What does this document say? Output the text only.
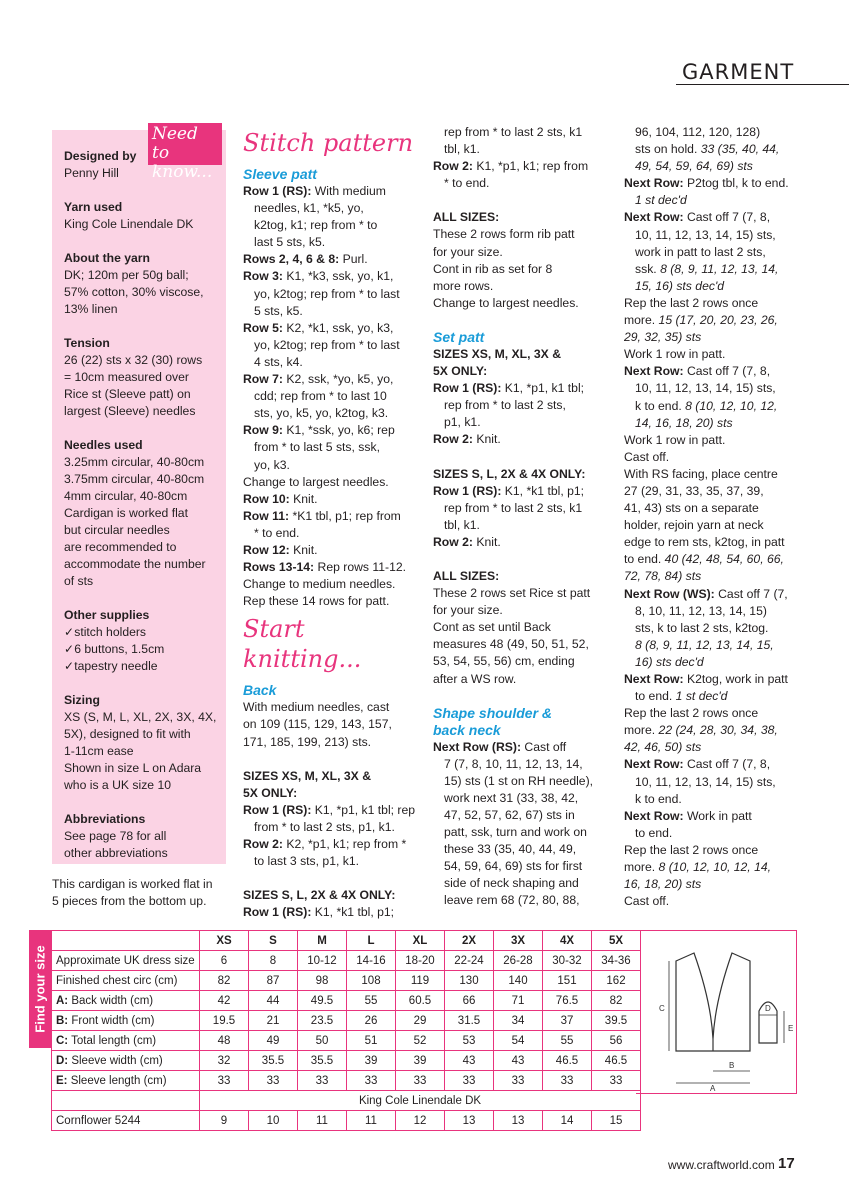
GARMENT
Designed by
Penny Hill
Yarn used
King Cole Linendale DK
About the yarn
DK; 120m per 50g ball;
57% cotton, 30% viscose,
13% linen
Tension
26 (22) sts x 32 (30) rows
= 10cm measured over
Rice st (Sleeve patt) on
largest (Sleeve) needles
Needles used
3.25mm circular, 40-80cm
3.75mm circular, 40-80cm
4mm circular, 40-80cm
Cardigan is worked flat
but circular needles
are recommended to
accommodate the number
of sts
Other supplies
✓ stitch holders
✓ 6 buttons, 1.5cm
✓ tapestry needle
Sizing
XS (S, M, L, XL, 2X, 3X, 4X,
5X), designed to fit with
1-11cm ease
Shown in size L on Adara
who is a UK size 10
Abbreviations
See page 78 for all
other abbreviations
Need to know...
This cardigan is worked flat in
5 pieces from the bottom up.
Stitch pattern
Sleeve patt
Row 1 (RS): With medium
needles, k1, *k5, yo,
k2tog, k1; rep from * to
last 5 sts, k5.
Rows 2, 4, 6 & 8: Purl.
Row 3: K1, *k3, ssk, yo, k1,
yo, k2tog; rep from * to last
5 sts, k5.
Row 5: K2, *k1, ssk, yo, k3,
yo, k2tog; rep from * to last
4 sts, k4.
Row 7: K2, ssk, *yo, k5, yo,
cdd; rep from * to last 10
sts, yo, k5, yo, k2tog, k3.
Row 9: K1, *ssk, yo, k6; rep
from * to last 5 sts, ssk,
yo, k3.
Change to largest needles.
Row 10: Knit.
Row 11: *K1 tbl, p1; rep from
* to end.
Row 12: Knit.
Rows 13-14: Rep rows 11-12.
Change to medium needles.
Rep these 14 rows for patt.
Start knitting...
Back
With medium needles, cast
on 109 (115, 129, 143, 157,
171, 185, 199, 213) sts.
SIZES XS, M, XL, 3X &
5X ONLY:
Row 1 (RS): K1, *p1, k1 tbl; rep
from * to last 2 sts, p1, k1.
Row 2: K2, *p1, k1; rep from *
to last 3 sts, p1, k1.
SIZES S, L, 2X & 4X ONLY:
Row 1 (RS): K1, *k1 tbl, p1;
rep from * to last 2 sts, k1
tbl, k1.
Row 2: K1, *p1, k1; rep from
* to end.
ALL SIZES:
These 2 rows form rib patt
for your size.
Cont in rib as set for 8
more rows.
Change to largest needles.
Set patt
SIZES XS, M, XL, 3X &
5X ONLY:
Row 1 (RS): K1, *p1, k1 tbl;
rep from * to last 2 sts,
p1, k1.
Row 2: Knit.
SIZES S, L, 2X & 4X ONLY:
Row 1 (RS): K1, *k1 tbl, p1;
rep from * to last 2 sts, k1
tbl, k1.
Row 2: Knit.
ALL SIZES:
These 2 rows set Rice st patt
for your size.
Cont as set until Back
measures 48 (49, 50, 51, 52,
53, 54, 55, 56) cm, ending
after a WS row.
Shape shoulder &
back neck
Next Row (RS): Cast off
7 (7, 8, 10, 11, 12, 13, 14,
15) sts (1 st on RH needle),
work next 31 (33, 38, 42,
47, 52, 57, 62, 67) sts in
patt, ssk, turn and work on
these 33 (35, 40, 44, 49,
54, 59, 64, 69) sts for first
side of neck shaping and
leave rem 68 (72, 80, 88,
96, 104, 112, 120, 128)
sts on hold. 33 (35, 40, 44,
49, 54, 59, 64, 69) sts
Next Row: P2tog tbl, k to end.
1 st dec'd
Next Row: Cast off 7 (7, 8,
10, 11, 12, 13, 14, 15) sts,
work in patt to last 2 sts,
ssk. 8 (8, 9, 11, 12, 13, 14,
15, 16) sts dec'd
Rep the last 2 rows once
more. 15 (17, 20, 20, 23, 26,
29, 32, 35) sts
Work 1 row in patt.
Next Row: Cast off 7 (7, 8,
10, 11, 12, 13, 14, 15) sts,
k to end. 8 (10, 12, 10, 12,
14, 16, 18, 20) sts
Work 1 row in patt.
Cast off.
With RS facing, place centre
27 (29, 31, 33, 35, 37, 39,
41, 43) sts on a separate
holder, rejoin yarn at neck
edge to rem sts, k2tog, in patt
to end. 40 (42, 48, 54, 60, 66,
72, 78, 84) sts
Next Row (WS): Cast off 7 (7,
8, 10, 11, 12, 13, 14, 15)
sts, k to last 2 sts, k2tog.
8 (8, 9, 11, 12, 13, 14, 15,
16) sts dec'd
Next Row: K2tog, work in patt
to end. 1 st dec'd
Rep the last 2 rows once
more. 22 (24, 28, 30, 34, 38,
42, 46, 50) sts
Next Row: Cast off 7 (7, 8,
10, 11, 12, 13, 14, 15) sts,
k to end.
Next Row: Work in patt
to end.
Rep the last 2 rows once
more. 8 (10, 12, 10, 12, 14,
16, 18, 20) sts
Cast off.
Find your size
	XS	S	M	L	XL	2X	3X	4X	5X
Approximate UK dress size	6	8	10-12	14-16	18-20	22-24	26-28	30-32	34-36
Finished chest circ (cm)	82	87	98	108	119	130	140	151	162
A: Back width (cm)	42	44	49.5	55	60.5	66	71	76.5	82
B: Front width (cm)	19.5	21	23.5	26	29	31.5	34	37	39.5
C: Total length (cm)	48	49	50	51	52	53	54	55	56
D: Sleeve width (cm)	32	35.5	35.5	39	39	43	43	46.5	46.5
E: Sleeve length (cm)	33	33	33	33	33	33	33	33	33
	King Cole Linendale DK								
Cornflower 5244	9	10	11	11	12	13	13	14	15
C
A
B
D
E
www.craftworld.com 17
